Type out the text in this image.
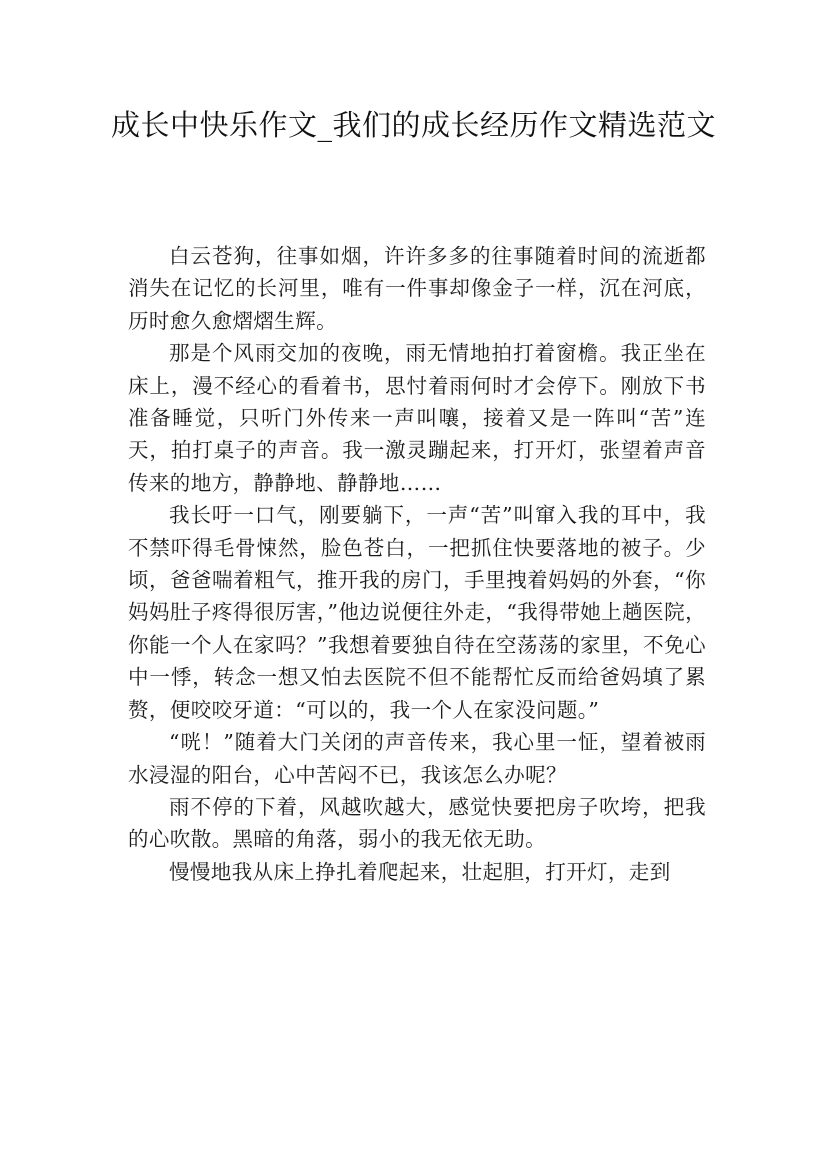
成长中快乐作文_我们的成长经历作文精选范文

白云苍狗，往事如烟，许许多多的往事随着时间的流逝都消失在记忆的长河里，唯有一件事却像金子一样，沉在河底，历时愈久愈熠熠生辉。

那是个风雨交加的夜晚，雨无情地拍打着窗檐。我正坐在床上，漫不经心的看着书，思忖着雨何时才会停下。刚放下书准备睡觉，只听门外传来一声叫嚷，接着又是一阵叫“苦”连天，拍打桌子的声音。我一激灵蹦起来，打开灯，张望着声音传来的地方，静静地、静静地……

我长吁一口气，刚要躺下，一声“苦”叫窜入我的耳中，我不禁吓得毛骨悚然，脸色苍白，一把抓住快要落地的被子。少顷，爸爸喘着粗气，推开我的房门，手里拽着妈妈的外套，“你妈妈肚子疼得很厉害，”他边说便往外走，“我得带她上趟医院，你能一个人在家吗？”我想着要独自待在空荡荡的家里，不免心中一悸，转念一想又怕去医院不但不能帮忙反而给爸妈填了累赘，便咬咬牙道：“可以的，我一个人在家没问题。”

“咣！”随着大门关闭的声音传来，我心里一怔，望着被雨水浸湿的阳台，心中苦闷不已，我该怎么办呢？

雨不停的下着，风越吹越大，感觉快要把房子吹垮，把我的心吹散。黑暗的角落，弱小的我无依无助。

慢慢地我从床上挣扎着爬起来，壮起胆，打开灯，走到
